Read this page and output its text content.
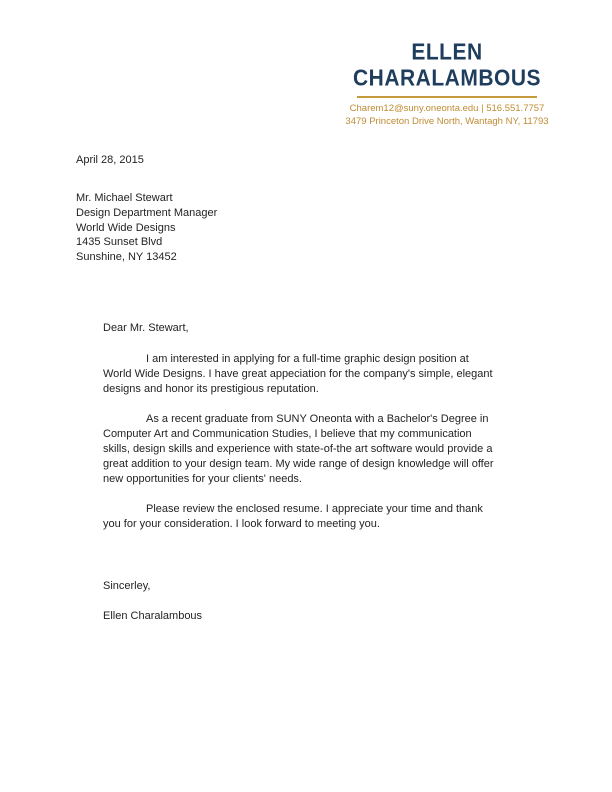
ELLEN
CHARALAMBOUS
Charem12@suny.oneonta.edu | 516.551.7757
3479 Princeton Drive North, Wantagh NY, 11793
April 28, 2015
Mr. Michael Stewart
Design Department Manager
World Wide Designs
1435 Sunset Blvd
Sunshine, NY 13452
Dear Mr. Stewart,

I am interested in applying for a full-time graphic design position at World Wide Designs. I have great appeciation for the company's simple, elegant designs and honor its prestigious reputation.

As a recent graduate from SUNY Oneonta with a Bachelor's Degree in Computer Art and Communication Studies, I believe that my communication skills, design skills and experience with state-of-the art software would provide a great addition to your design team. My wide range of design knowledge will offer new opportunities for your clients' needs.

Please review the enclosed resume. I appreciate your time and thank you for your consideration. I look forward to meeting you.

Sincerley,
Ellen Charalambous
